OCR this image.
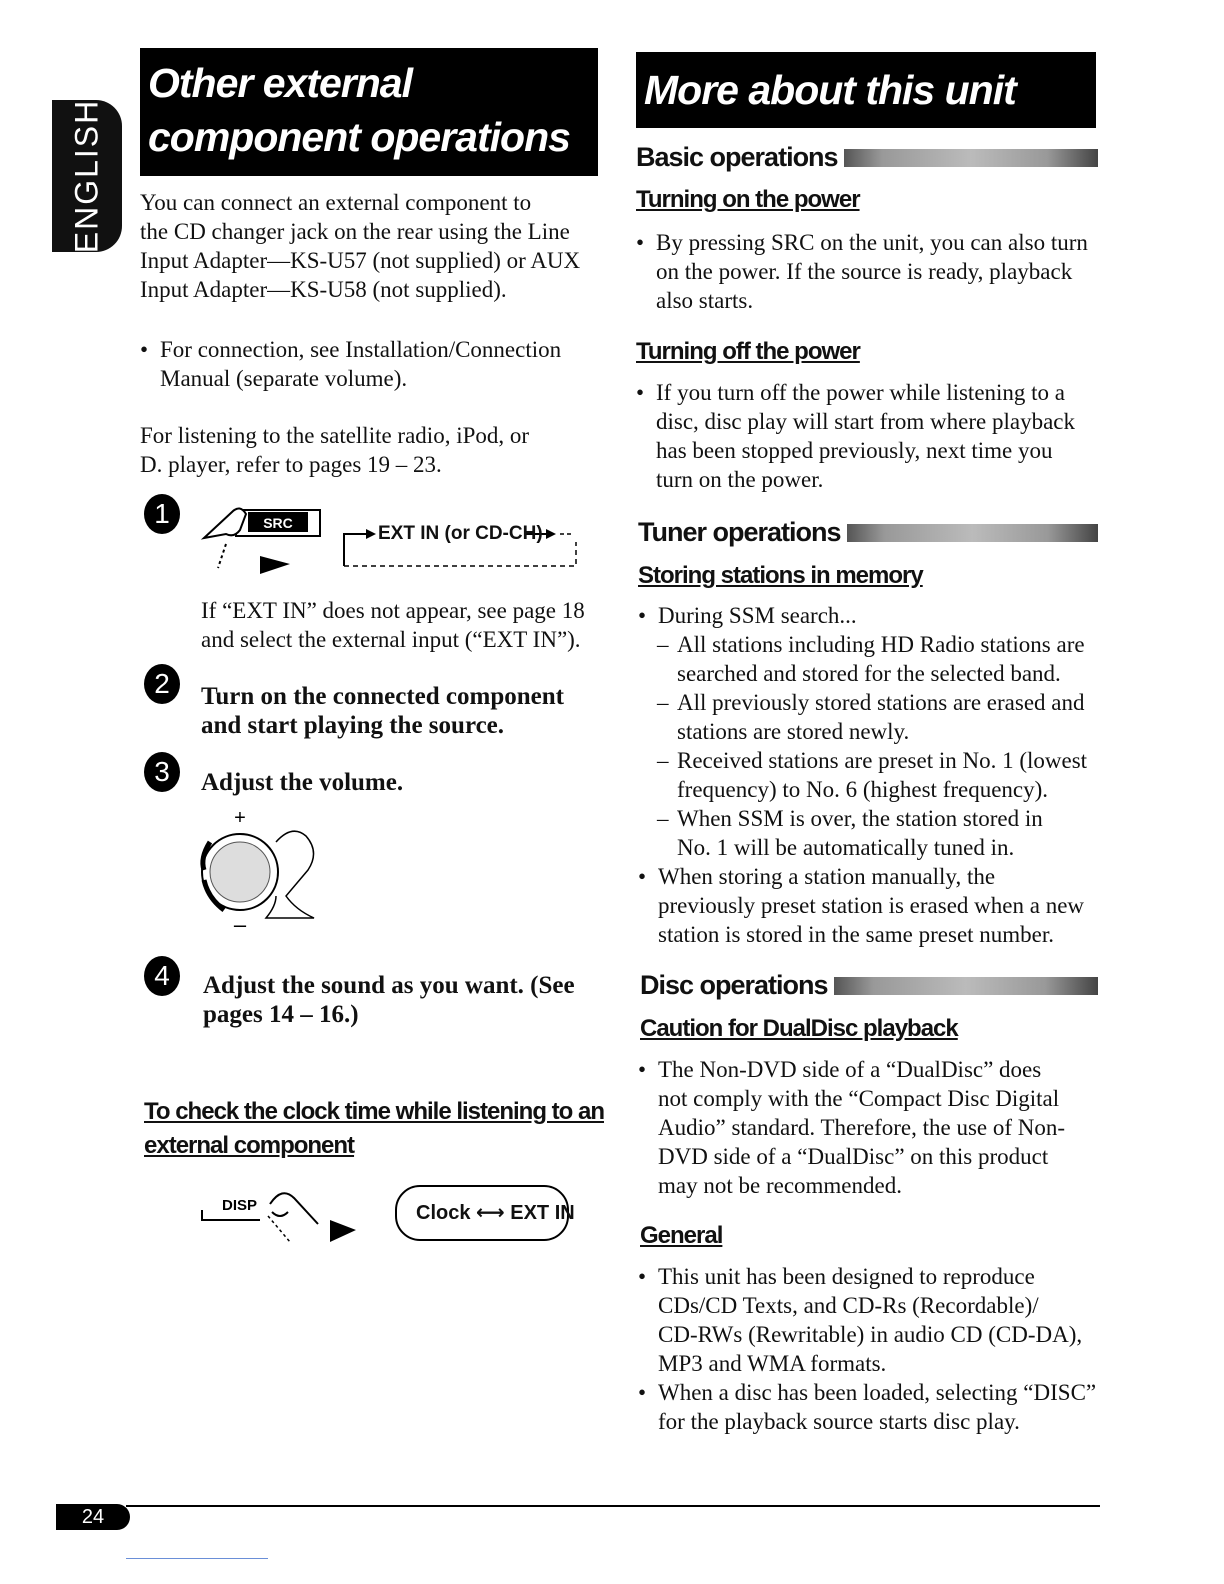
ENGLISH
Other external component operations
You can connect an external component to
the CD changer jack on the rear using the Line
Input Adapter—KS-U57 (not supplied) or AUX
Input Adapter—KS-U58 (not supplied).
• For connection, see Installation/Connection
Manual (separate volume).
For listening to the satellite radio, iPod, or
D. player, refer to pages 19 – 23.
1	SRC	EXT IN (or CD-CH)
If “EXT IN” does not appear, see page 18
and select the external input (“EXT IN”).
2	Turn on the connected component
and start playing the source.
3	Adjust the volume.
+
–
4	Adjust the sound as you want. (See
pages 14 – 16.)
To check the clock time while listening to an
external component
DISP	Clock ⟷ EXT IN
More about this unit
Basic operations
Turning on the power
• By pressing SRC on the unit, you can also turn
on the power. If the source is ready, playback
also starts.
Turning off the power
• If you turn off the power while listening to a
disc, disc play will start from where playback
has been stopped previously, next time you
turn on the power.
Tuner operations
Storing stations in memory
• During SSM search...
– All stations including HD Radio stations are
searched and stored for the selected band.
– All previously stored stations are erased and
stations are stored newly.
– Received stations are preset in No. 1 (lowest
frequency) to No. 6 (highest frequency).
– When SSM is over, the station stored in
No. 1 will be automatically tuned in.
• When storing a station manually, the
previously preset station is erased when a new
station is stored in the same preset number.
Disc operations
Caution for DualDisc playback
• The Non-DVD side of a “DualDisc” does
not comply with the “Compact Disc Digital
Audio” standard. Therefore, the use of Non-
DVD side of a “DualDisc” on this product
may not be recommended.
General
• This unit has been designed to reproduce
CDs/CD Texts, and CD-Rs (Recordable)/
CD-RWs (Rewritable) in audio CD (CD-DA),
MP3 and WMA formats.
• When a disc has been loaded, selecting “DISC”
for the playback source starts disc play.
24
